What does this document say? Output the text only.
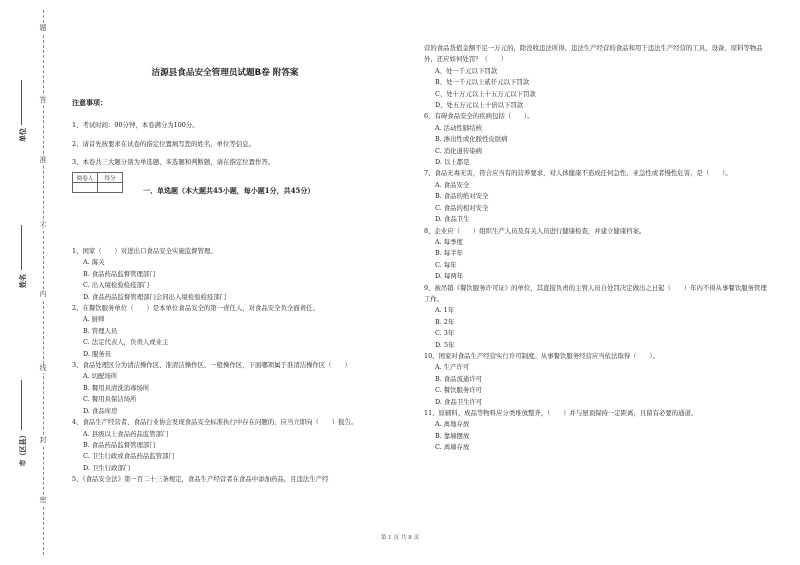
题
答
准
不
内
线
封
密
单位
姓名
市（区县）
洁源县食品安全管理员试题B卷 附答案
注意事项：
1、考试时间：90分钟，本卷满分为100分。
2、请首先按要求在试卷的指定位置填写您的姓名、单位等信息。
3、本卷共三大题分别为单选题、多选题和判断题，请在指定位置作答。
阅卷人	得分

一、单选题（本大题共45小题，每小题1分，共45分）
1、国家（　　）对进出口食品安全实施监督管理。
A. 海关
B. 食品药品监督管理部门
C. 出入境检验检疫部门
D. 食品药品监督管理部门会同出入境检验检疫部门
2、在餐饮服务单位（　　）是本单位食品安全的第一责任人，对食品安全负全面责任。
A. 厨师
B. 管理人员
C. 法定代表人，负责人或业主
D. 服务员
3、食品处理区分为清洁操作区、准清洁操作区、一般操作区，下面哪项属于准清洁操作区（　　）
A. 切配场所
B. 餐用具清洗消毒场所
C. 餐用具保洁场所
D. 食品库房
4、食品生产经营者、食品行业协会发现食品安全标准执行中存在问题的，应当立即向（　　）报告。
A. 县级以上食品药品监管部门
B. 食品药品监督管理部门
C. 卫生行政或食品药品监管部门
D. 卫生行政部门
5、《食品安全法》第一百二十三条规定，食品生产经营者在食品中添加药品，且违法生产经
营的食品货值金额不足一万元的，除没收违法所得、违法生产经营的食品和用于违法生产经营的工具、设备、原料等物品外，还应如何处罚？（　　）
A、处一千元以下罚款
B、处一千元以上贰仟元以下罚款
C、处十万元以上十五万元以下罚款
D、处五万元以上十倍以下罚款
6、有碍食品安全的疾病包括（　　）。
A. 活动性肺结核
B. 渗出性或化脓性皮肤病
C. 消化道传染病
D. 以上都是
7、食品无毒无害，符合应当有的营养要求，对人体健康不造成任何急性、亚急性或者慢性危害，是（　　）。
A. 食品安全
B. 食品的绝对安全
C. 食品的相对安全
D. 食品卫生
8、企业应（　　）组织生产人员及有关人员进行健康检查，并建立健康档案。
A. 每季度
B. 每半年
C. 每年
D. 每两年
9、被吊销《餐饮服务许可证》的单位，其直接负责的主管人员自处罚决定做出之日起（　　）年内不得从事餐饮服务管理工作。
A. 1年
B. 2年
C. 3年
D. 5年
10、国家对食品生产经营实行许可制度。从事餐饮服务经营应当依法取得（　　）。
A. 生产许可
B. 食品流通许可
C. 餐饮服务许可
D. 食品卫生许可
11、原辅料、成品等物料应分类堆放整齐，（　　）并与屋顶保持一定距离，且留有必要的通道。
A. 离地存放
B. 靠墙摆放
C. 离墙存放
第 1 页 共 8 页
